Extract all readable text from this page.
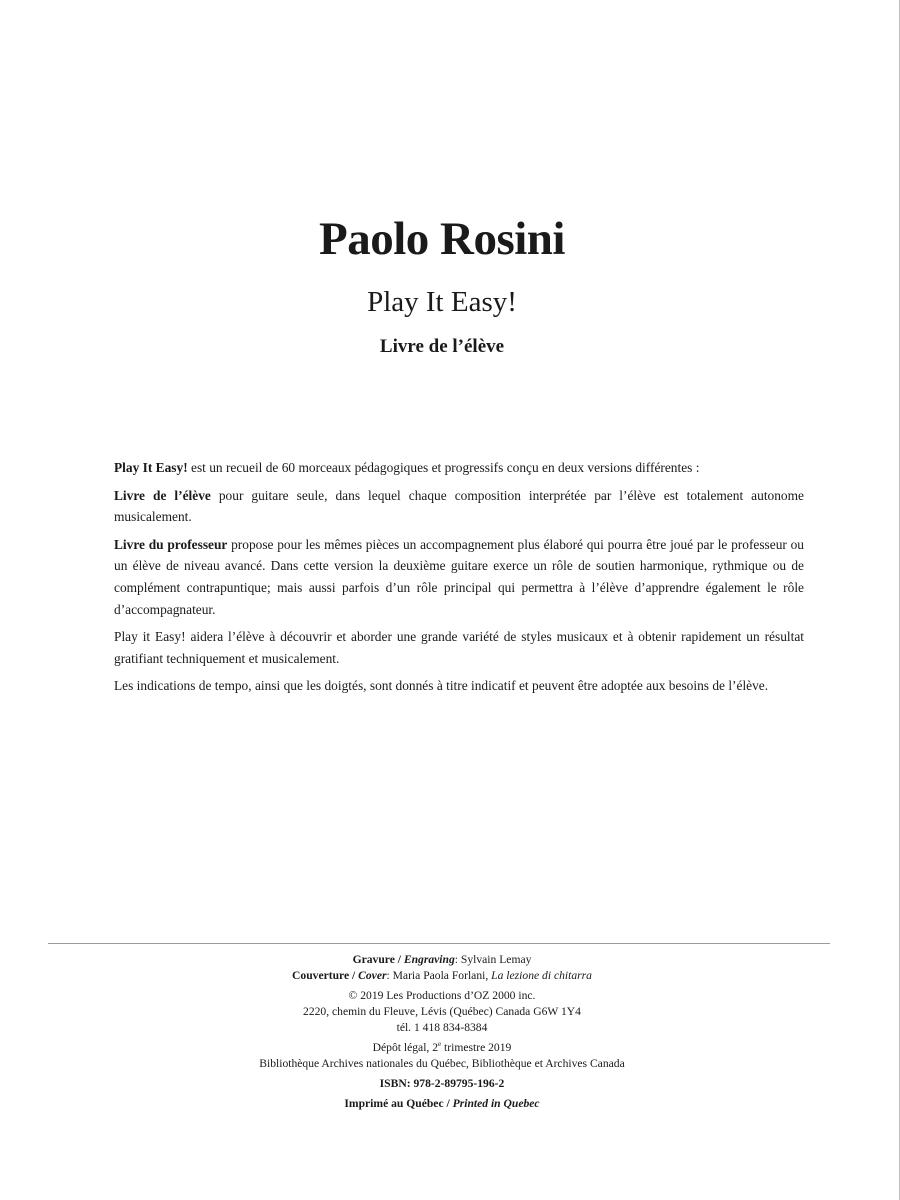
Paolo Rosini
Play It Easy!
Livre de l’élève

Play It Easy! est un recueil de 60 morceaux pédagogiques et progressifs conçu en deux versions différentes :

Livre de l’élève pour guitare seule, dans lequel chaque composition interprétée par l’élève est totalement autonome musicalement.

Livre du professeur propose pour les mêmes pièces un accompagnement plus élaboré qui pourra être joué par le professeur ou un élève de niveau avancé. Dans cette version la deuxième guitare exerce un rôle de soutien harmonique, rythmique ou de complément contrapuntique; mais aussi parfois d’un rôle principal qui permettra à l’élève d’apprendre également le rôle d’accompagnateur.

Play it Easy! aidera l’élève à découvrir et aborder une grande variété de styles musicaux et à obtenir rapidement un résultat gratifiant techniquement et musicalement.

Les indications de tempo, ainsi que les doigtés, sont donnés à titre indicatif et peuvent être adoptée aux besoins de l’élève.

Gravure / Engraving: Sylvain Lemay
Couverture / Cover: Maria Paola Forlani, La lezione di chitarra
© 2019 Les Productions d’OZ 2000 inc.
2220, chemin du Fleuve, Lévis (Québec) Canada G6W 1Y4
tél. 1 418 834-8384
Dépôt légal, 2e trimestre 2019
Bibliothèque Archives nationales du Québec, Bibliothèque et Archives Canada
ISBN: 978-2-89795-196-2
Imprimé au Québec / Printed in Quebec
